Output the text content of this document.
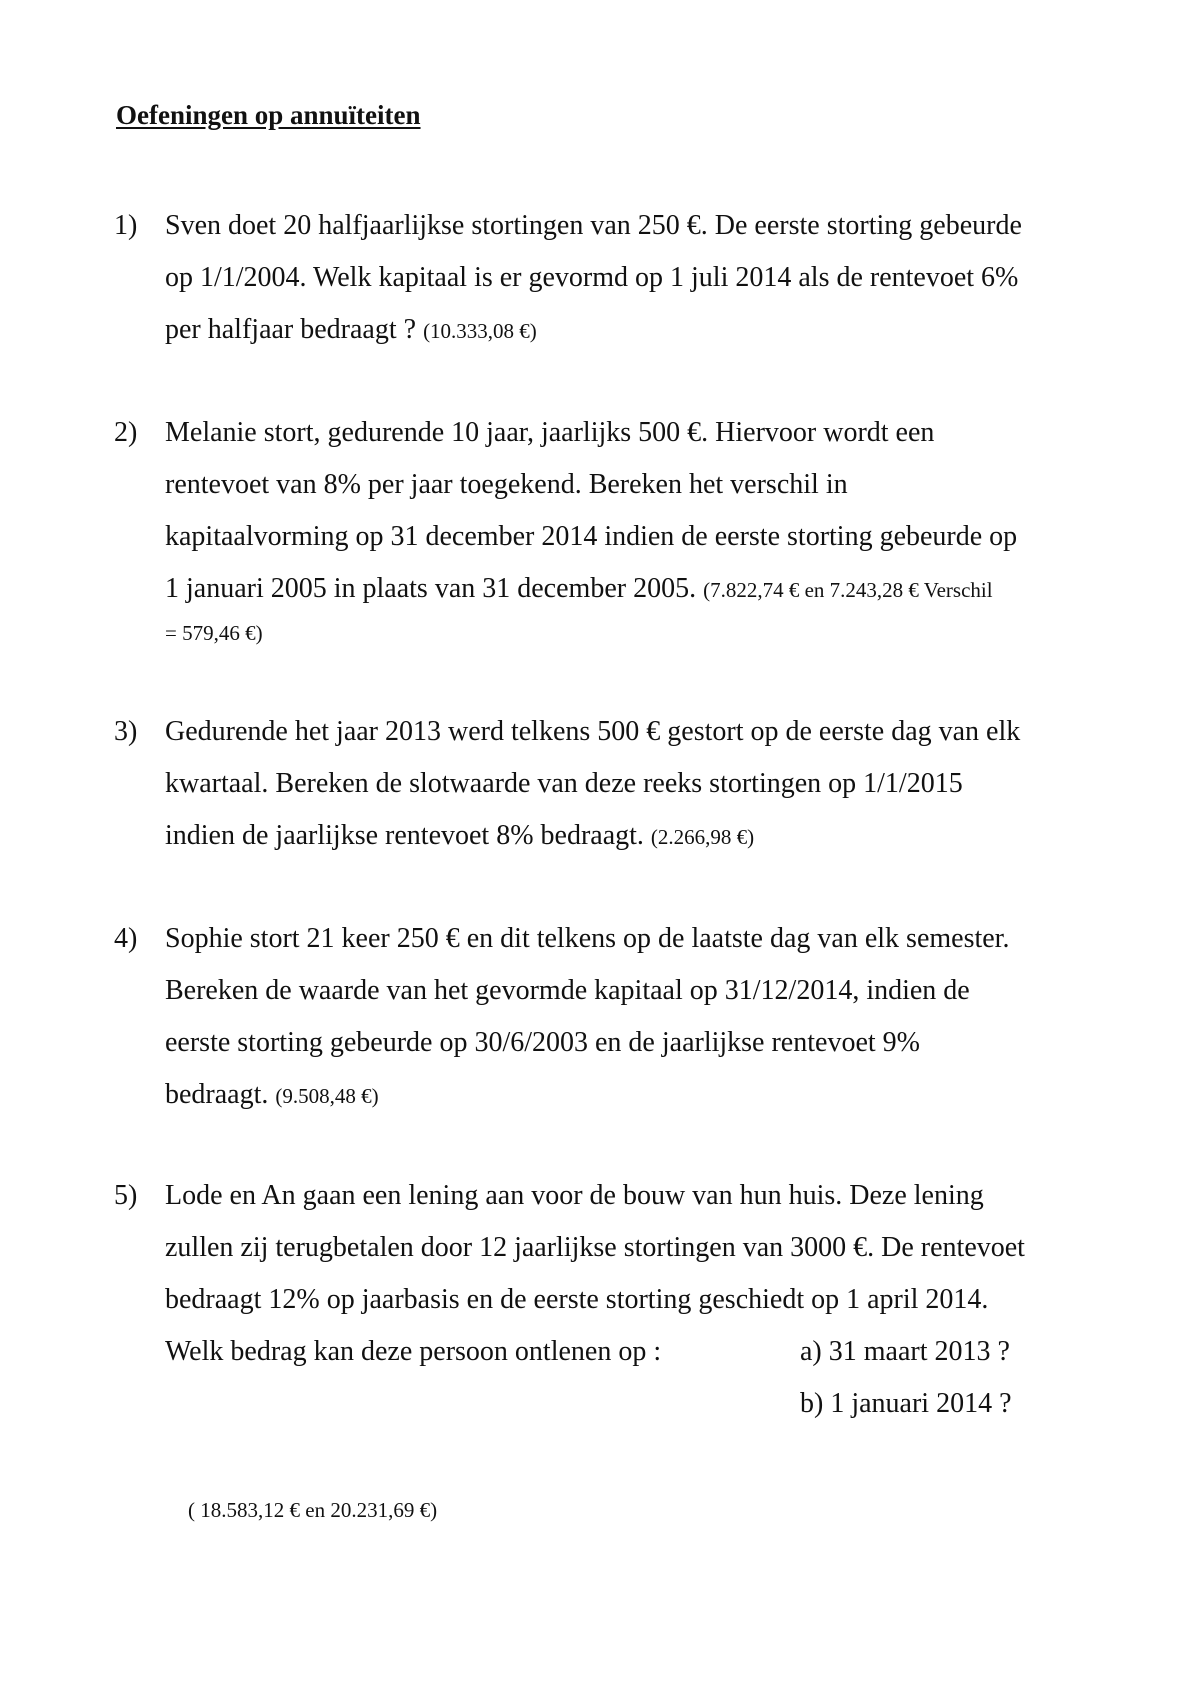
Oefeningen op annuïteiten
1) Sven doet 20 halfjaarlijkse stortingen van 250 €. De eerste storting gebeurde
op 1/1/2004. Welk kapitaal is er gevormd op 1 juli 2014 als de rentevoet 6%
per halfjaar bedraagt ? (10.333,08 €)
2) Melanie stort, gedurende 10 jaar, jaarlijks 500 €. Hiervoor wordt een
rentevoet van 8% per jaar toegekend. Bereken het verschil in
kapitaalvorming op 31 december 2014 indien de eerste storting gebeurde op
1 januari 2005 in plaats van 31 december 2005. (7.822,74 € en 7.243,28 € Verschil
= 579,46 €)
3) Gedurende het jaar 2013 werd telkens 500 € gestort op de eerste dag van elk
kwartaal. Bereken de slotwaarde van deze reeks stortingen op 1/1/2015
indien de jaarlijkse rentevoet 8% bedraagt. (2.266,98 €)
4) Sophie stort 21 keer 250 € en dit telkens op de laatste dag van elk semester.
Bereken de waarde van het gevormde kapitaal op 31/12/2014, indien de
eerste storting gebeurde op 30/6/2003 en de jaarlijkse rentevoet 9%
bedraagt. (9.508,48 €)
5) Lode en An gaan een lening aan voor de bouw van hun huis. Deze lening
zullen zij terugbetalen door 12 jaarlijkse stortingen van 3000 €. De rentevoet
bedraagt 12% op jaarbasis en de eerste storting geschiedt op 1 april 2014.
Welk bedrag kan deze persoon ontlenen op :	a) 31 maart 2013 ?
b) 1 januari 2014 ?
( 18.583,12 € en 20.231,69 €)
